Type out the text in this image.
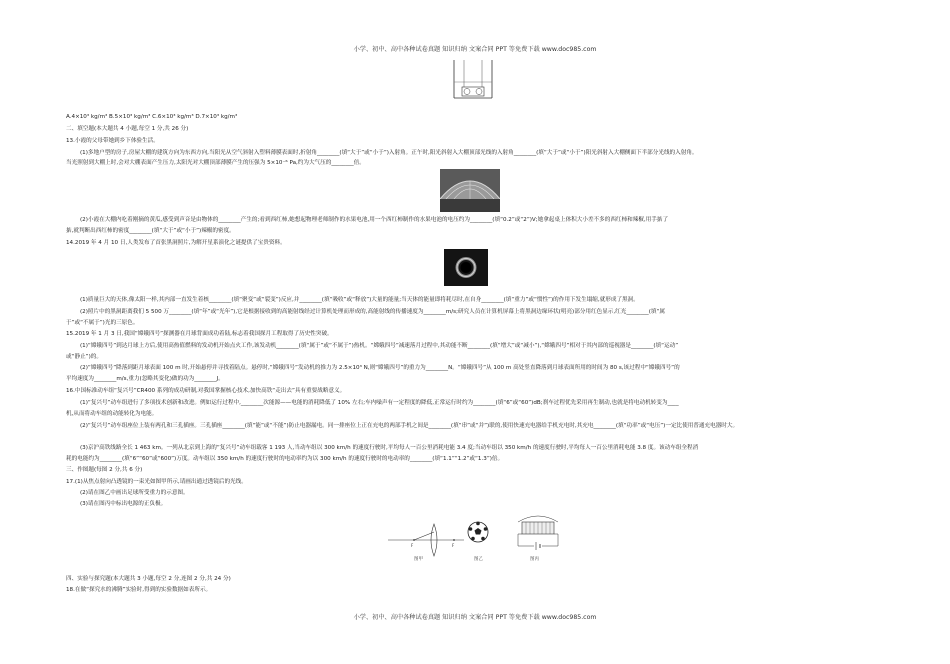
小学、初中、高中各种试卷真题 知识归纳 文案合同 PPT 等免费下载 www.doc985.com
A.4×10³ kg/m³ B.5×10³ kg/m³ C.6×10³ kg/m³ D.7×10³ kg/m³
二、填空题(本大题共 4 小题,每空 1 分,共 26 分)
13.小霞的父母带她到乡下体验生活。
(1)多地户型的房子,房屋大棚的建筑方向为东西方向,当阳光从空气斜射入塑料薄膜表面时,折射角________(填“大于”或“小于”)入射角。正午时,阳光斜射入大棚顶部光线的入射角________(填“大于”或“小于”)阳光斜射入大棚侧面下半部分光线的入射角。
当光照射到大棚上时,会对大棚表面产生压力,太阳光对大棚顶部薄膜产生的压强为 5×10⁻⁶ Pa,约为大气压的________倍。
(2)小霞在大棚内吃着刚摘的黄瓜,感受到声音是由物体的________产生的;看到西红柿,她想起物理老师制作的水果电池,用一个西红柿制作的水果电池的电压约为________(填“0.2”或“2”)V;她拿起桌上体积大小差不多的西红柿和辣椒,用手掂了
掂,就判断出西红柿的密度________(填“大于”或“小于”)辣椒的密度。
14.2019 年 4 月 10 日,人类发布了首张黑洞照片,为解开星系演化之谜提供了宝贵资料。
(1)质量巨大的天体,像太阳一样,其内部一直发生着核________(填“聚变”或“裂变”)反应,并________(填“吸收”或“释放”)大量的能量;当天体的能量即将耗尽时,在自身________(填“重力”或“惯性”)的作用下发生塌缩,就形成了黑洞。
(2)照片中的黑洞距离我们 5 500 万________(填“年”或“光年”),它是根据接收到的高能射线经过计算机处理而形成的,高能射线的传播速度为________m/s;研究人员在计算机屏幕上将黑洞边缘环状(明亮)部分用红色显示,红光________(填“属
于”或“不属于”)光的三原色。
15.2019 年 1 月 3 日,我国“嫦娥四号”探测器在月球背面成功着陆,标志着我国探月工程取得了历史性突破。
(1)“嫦娥四号”到达月球上方后,使用高热值燃料的发动机开始点火工作,该发动机________(填“属于”或“不属于”)热机。“嫦娥四号”减速落月过程中,其动能不断________(填“增大”或“减小”),“嫦娥四号”相对于其内部的巡视器是________(填“运动”
或“静止”)的。
(2)“嫦娥四号”降落到距月球表面 100 m 时,开始悬停并寻找着陆点。悬停时,“嫦娥四号”发动机的推力为 2.5×10³ N,则“嫦娥四号”的重力为________N。“嫦娥四号”从 100 m 高处竖直降落到月球表面所用的时间为 80 s,该过程中“嫦娥四号”的
平均速度为________m/s,重力(忽略其变化)做的功为________J。
16.中国标准动车组“复兴号”CR400 系列的成功研制,对我国掌握核心技术,加快高铁“走出去”具有重要战略意义。
(1)“复兴号”动车组进行了多项技术创新和改进。例如运行过程中,________次能源——电能的消耗降低了 10% 左右;车内噪声有一定程度的降低,正常运行时约为________(填“6”或“60”)dB;刹车过程优先采用再生制动,也就是将电动机转变为____
机,从而将动车组的动能转化为电能。
(2)“复兴号”动车组座位上装有两孔和三孔插座。三孔插座________(填“能”或“不能”)防止电器漏电。同一排座位上正在充电的两部手机之间是________(填“串”或“并”)联的,使用快速充电器给手机充电时,其充电________(填“功率”或“电压”)一定比使用普通充电器时大。
(3)京沪高铁线路全长 1 463 km。一列从北京到上海的“复兴号”动车组载客 1 193 人,当动车组以 300 km/h 的速度行驶时,平均每人一百公里消耗电能 3.4 度;当动车组以 350 km/h 的速度行驶时,平均每人一百公里消耗电能 3.8 度。该动车组全程消
耗的电能约为________(填“6”“60”或“600”)万度。动车组以 350 km/h 的速度行驶时的电动率约为以 300 km/h 的速度行驶时的电动率的________(填“1.1”“1.2”或“1.3”)倍。
三、作图题(每图 2 分,共 6 分)
17.(1)从焦点射向凸透镜的一束光如图甲所示,请画出通过透镜后的光线。
(2)请在图乙中画出足球所受重力的示意图。
(3)请在图丙中标出电源的正负极。
F	F
图甲	图乙	图丙
四、实验与探究题(本大题共 3 小题,每空 2 分,连图 2 分,共 24 分)
18.在做“探究水的沸腾”实验时,得到的实验数据如表所示。
小学、初中、高中各种试卷真题 知识归纳 文案合同 PPT 等免费下载 www.doc985.com
